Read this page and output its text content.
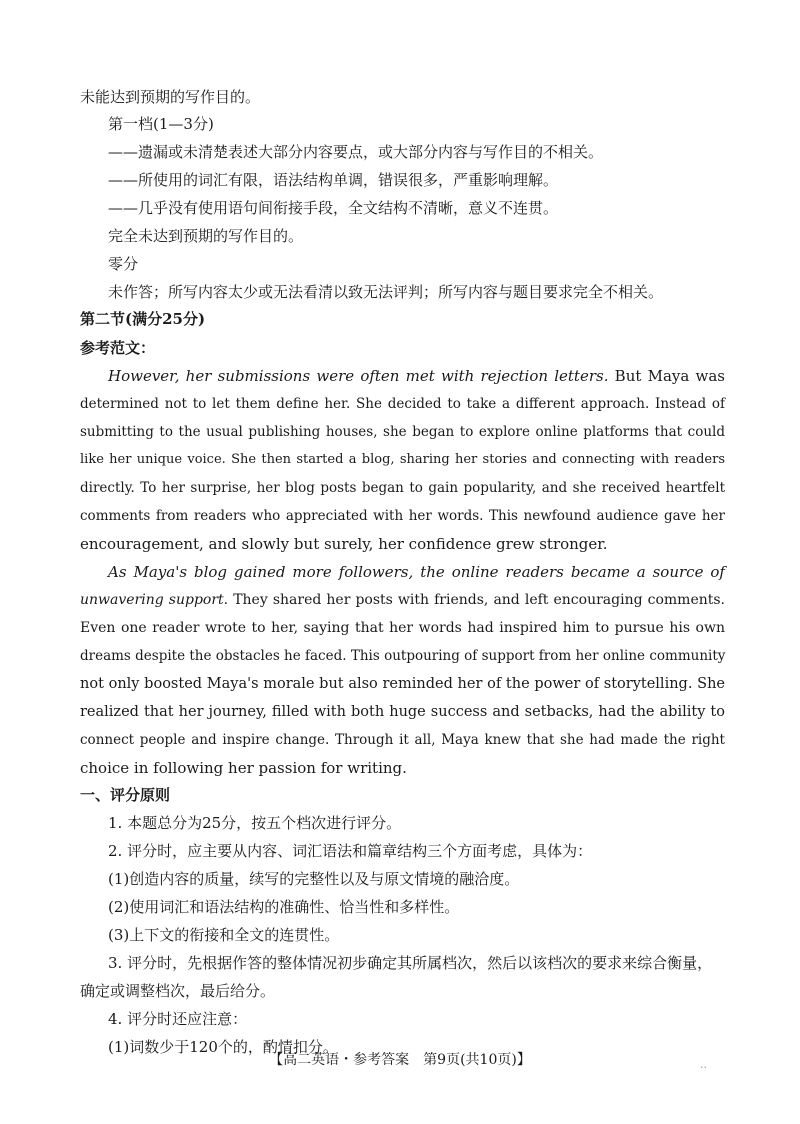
未能达到预期的写作目的。
第一档(1—3分)
——遗漏或未清楚表述大部分内容要点，或大部分内容与写作目的不相关。
——所使用的词汇有限，语法结构单调，错误很多，严重影响理解。
——几乎没有使用语句间衔接手段，全文结构不清晰，意义不连贯。
完全未达到预期的写作目的。
零分
未作答；所写内容太少或无法看清以致无法评判；所写内容与题目要求完全不相关。
第二节(满分25分)
参考范文：
However, her submissions were often met with rejection letters. But Maya was
determined not to let them define her. She decided to take a different approach. Instead of
submitting to the usual publishing houses, she began to explore online platforms that could
like her unique voice. She then started a blog, sharing her stories and connecting with readers
directly. To her surprise, her blog posts began to gain popularity, and she received heartfelt
comments from readers who appreciated with her words. This newfound audience gave her
encouragement, and slowly but surely, her confidence grew stronger.
As Maya's blog gained more followers, the online readers became a source of
unwavering support. They shared her posts with friends, and left encouraging comments.
Even one reader wrote to her, saying that her words had inspired him to pursue his own
dreams despite the obstacles he faced. This outpouring of support from her online community
not only boosted Maya's morale but also reminded her of the power of storytelling. She
realized that her journey, filled with both huge success and setbacks, had the ability to
connect people and inspire change. Through it all, Maya knew that she had made the right
choice in following her passion for writing.
一、评分原则
1. 本题总分为25分，按五个档次进行评分。
2. 评分时，应主要从内容、词汇语法和篇章结构三个方面考虑，具体为：
(1)创造内容的质量，续写的完整性以及与原文情境的融洽度。
(2)使用词汇和语法结构的准确性、恰当性和多样性。
(3)上下文的衔接和全文的连贯性。
3. 评分时，先根据作答的整体情况初步确定其所属档次，然后以该档次的要求来综合衡量，
确定或调整档次，最后给分。
4. 评分时还应注意：
(1)词数少于120个的，酌情扣分。
【高二英语・参考答案　第9页(共10页)】	..
